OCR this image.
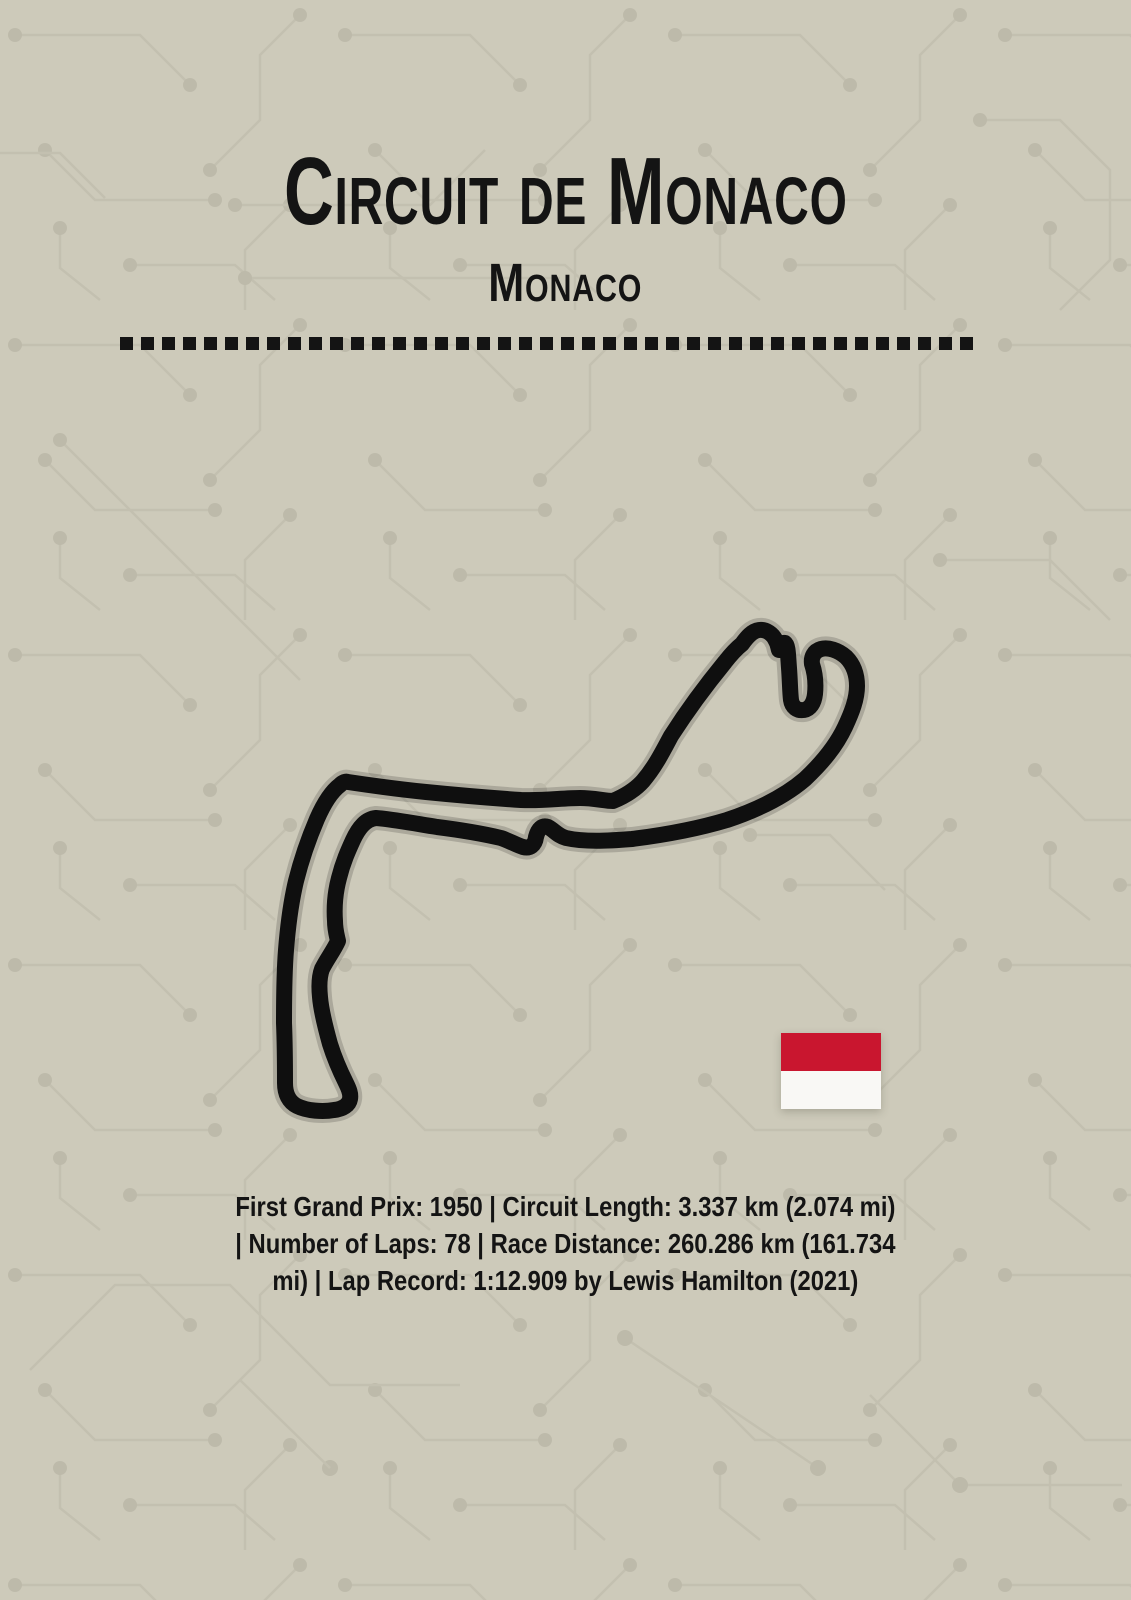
Circuit de Monaco
Monaco
First Grand Prix: 1950 | Circuit Length: 3.337 km (2.074 mi)
| Number of Laps: 78 | Race Distance: 260.286 km (161.734
mi) | Lap Record: 1:12.909 by Lewis Hamilton (2021)
